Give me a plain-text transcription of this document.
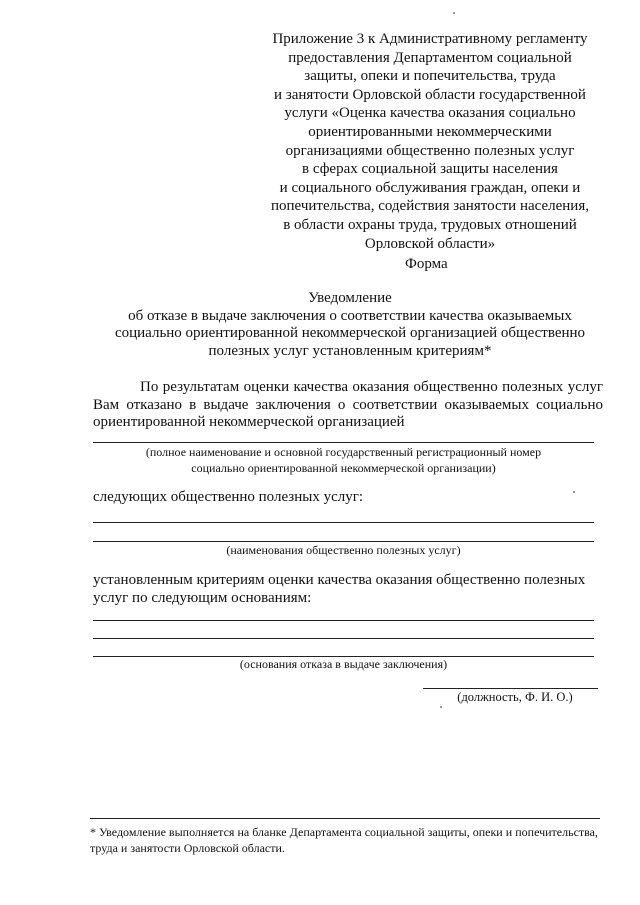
Приложение 3 к Административному регламенту
предоставления Департаментом социальной
защиты, опеки и попечительства, труда
и занятости Орловской области государственной
услуги «Оценка качества оказания социально
ориентированными некоммерческими
организациями общественно полезных услуг
в сферах социальной защиты населения
и социального обслуживания граждан, опеки и
попечительства, содействия занятости населения,
в области охраны труда, трудовых отношений
Орловской области»
Форма
Уведомление
об отказе в выдаче заключения о соответствии качества оказываемых
социально ориентированной некоммерческой организацией общественно
полезных услуг установленным критериям*
По результатам оценки качества оказания общественно полезных услуг Вам отказано в выдаче заключения о соответствии оказываемых социально ориентированной некоммерческой организацией
(полное наименование и основной государственный регистрационный номер
социально ориентированной некоммерческой организации)
следующих общественно полезных услуг:
(наименования общественно полезных услуг)
установленным критериям оценки качества оказания общественно полезных
услуг по следующим основаниям:
(основания отказа в выдаче заключения)
(должность, Ф. И. О.)
* Уведомление выполняется на бланке Департамента социальной защиты, опеки и попечительства, труда и занятости Орловской области.
